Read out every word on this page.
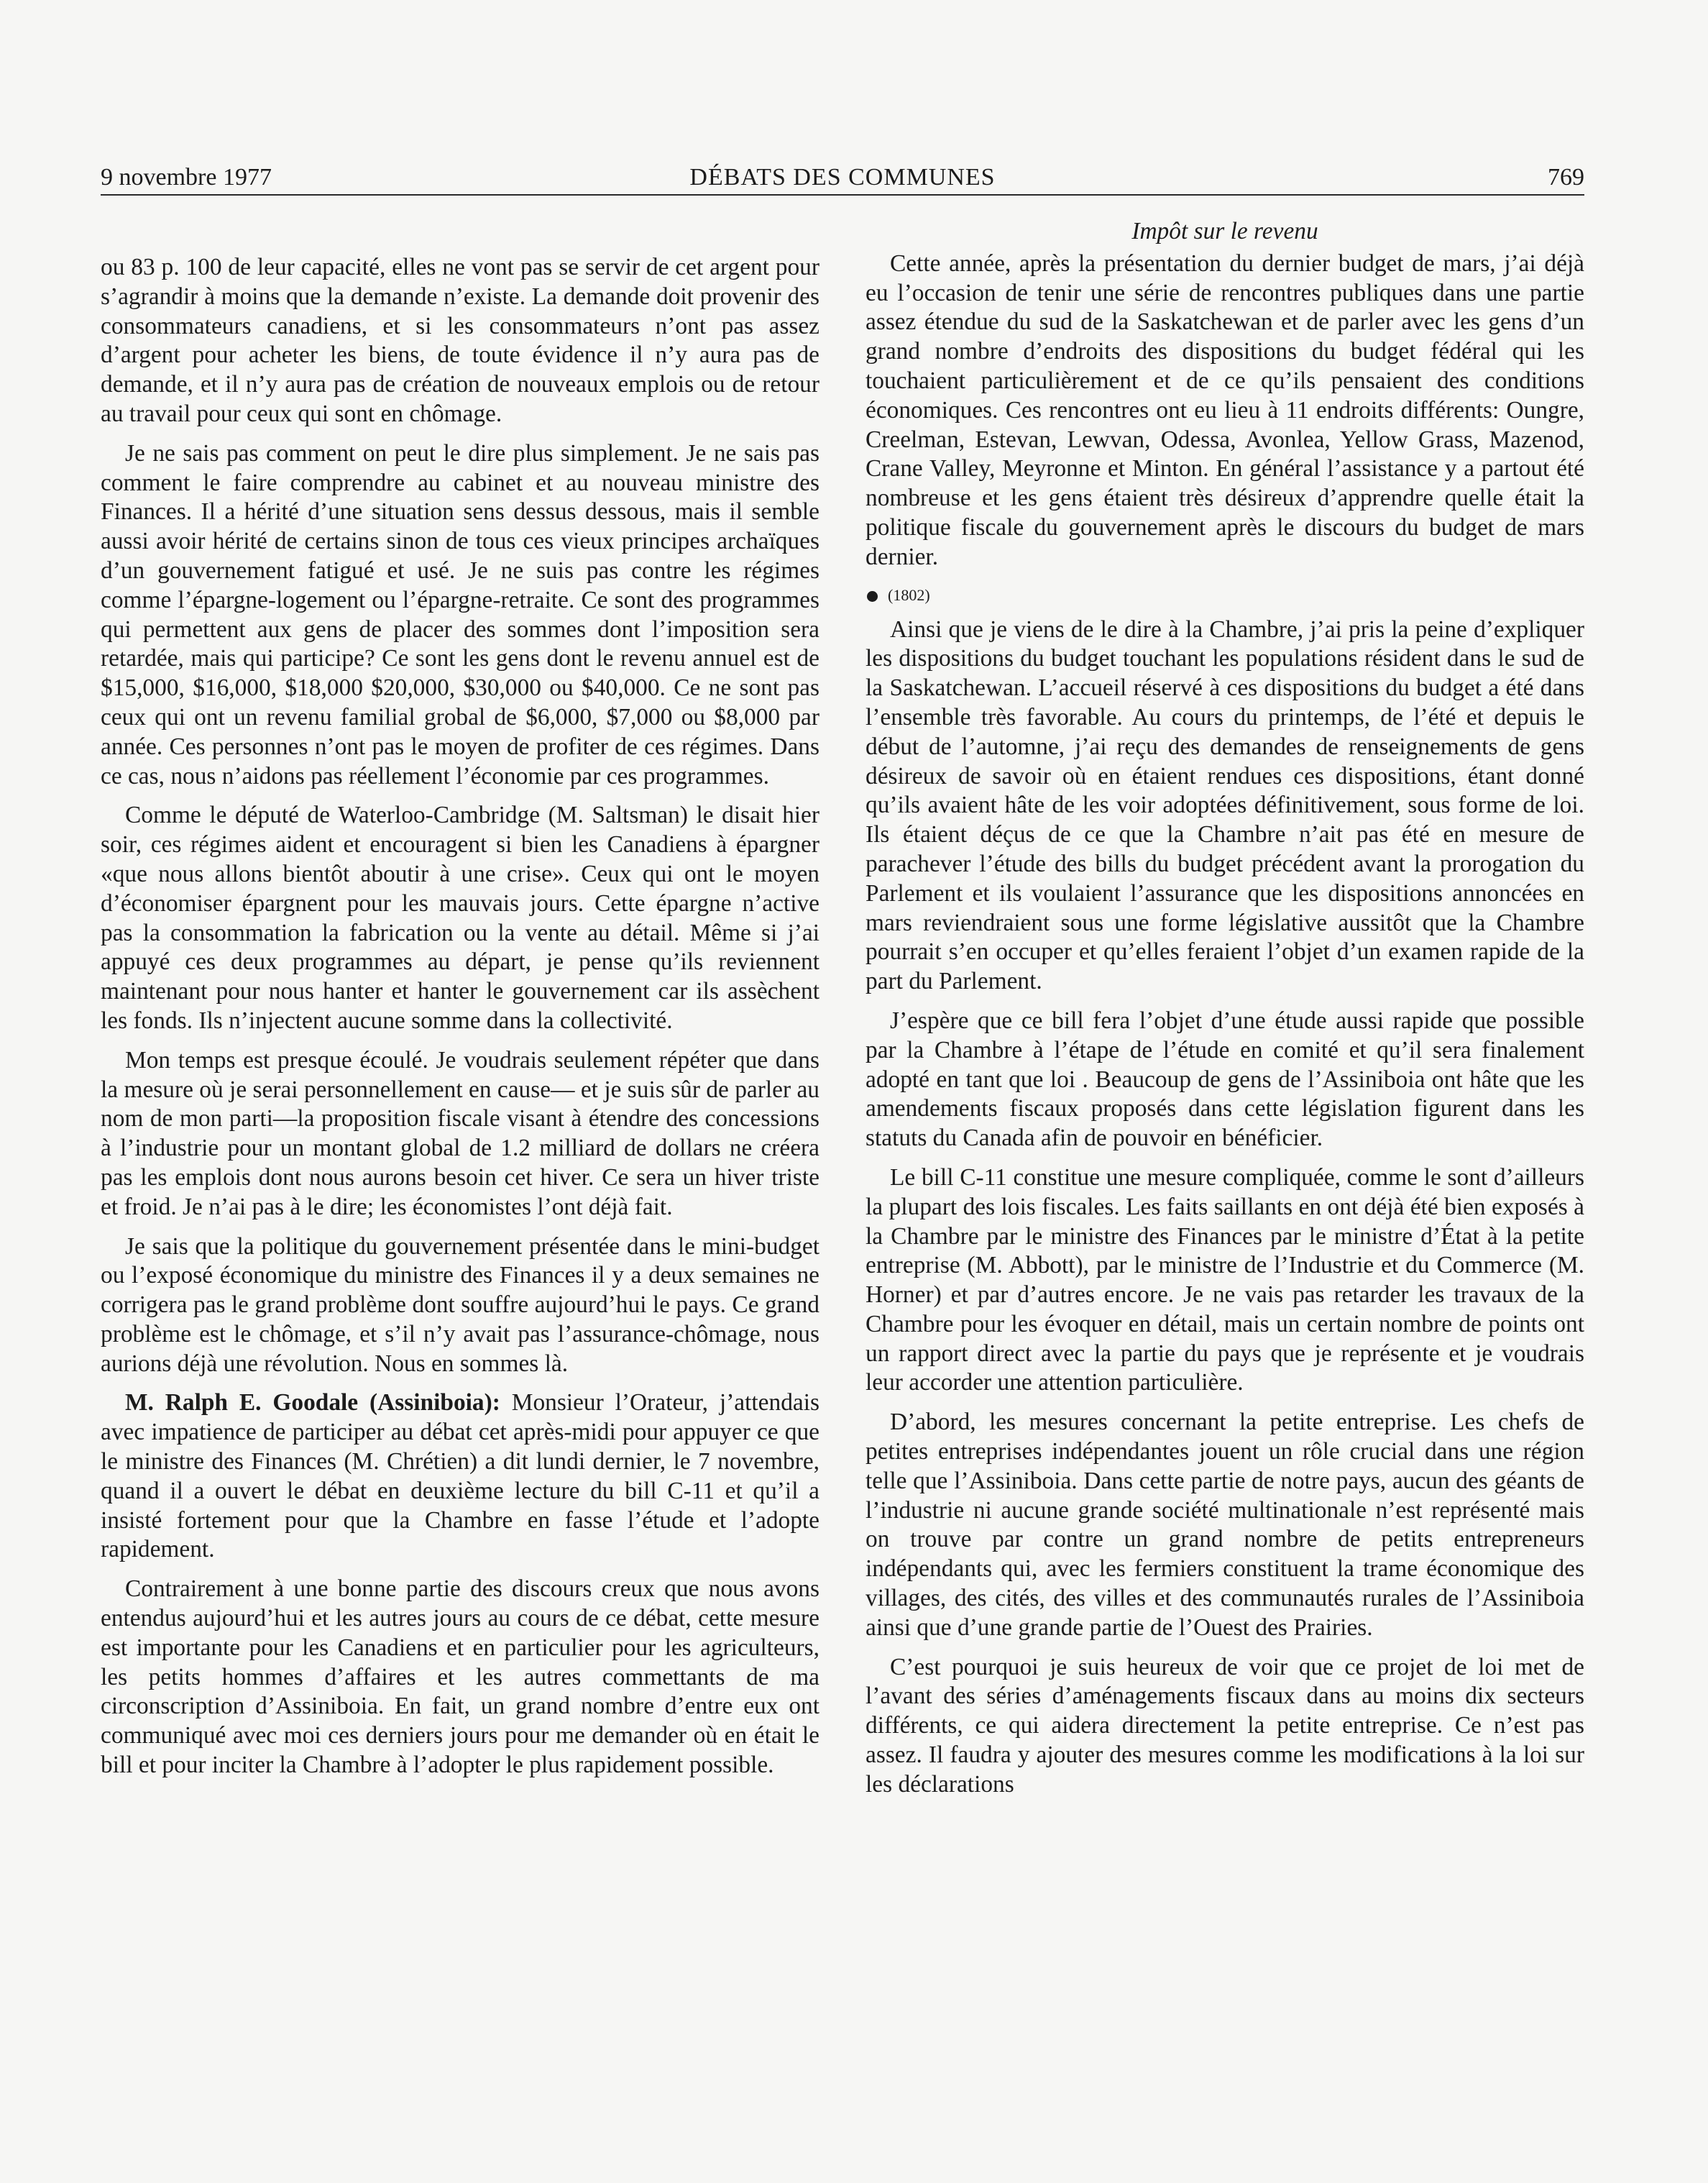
9 novembre 1977	DÉBATS DES COMMUNES	769

ou 83 p. 100 de leur capacité, elles ne vont pas se servir de cet argent pour s’agrandir à moins que la demande n’existe. La demande doit provenir des consommateurs canadiens, et si les consommateurs n’ont pas assez d’argent pour acheter les biens, de toute évidence il n’y aura pas de demande, et il n’y aura pas de création de nouveaux emplois ou de retour au travail pour ceux qui sont en chômage.

Je ne sais pas comment on peut le dire plus simplement. Je ne sais pas comment le faire comprendre au cabinet et au nouveau ministre des Finances. Il a hérité d’une situation sens dessus dessous, mais il semble aussi avoir hérité de certains sinon de tous ces vieux principes archaïques d’un gouvernement fatigué et usé. Je ne suis pas contre les régimes comme l’épargne-logement ou l’épargne-retraite. Ce sont des programmes qui permettent aux gens de placer des sommes dont l’imposition sera retardée, mais qui participe? Ce sont les gens dont le revenu annuel est de $15,000, $16,000, $18,000 $20,000, $30,000 ou $40,000. Ce ne sont pas ceux qui ont un revenu familial grobal de $6,000, $7,000 ou $8,000 par année. Ces personnes n’ont pas le moyen de profiter de ces régimes. Dans ce cas, nous n’aidons pas réellement l’économie par ces programmes.

Comme le député de Waterloo-Cambridge (M. Saltsman) le disait hier soir, ces régimes aident et encouragent si bien les Canadiens à épargner «que nous allons bientôt aboutir à une crise». Ceux qui ont le moyen d’économiser épargnent pour les mauvais jours. Cette épargne n’active pas la consommation la fabrication ou la vente au détail. Même si j’ai appuyé ces deux programmes au départ, je pense qu’ils reviennent maintenant pour nous hanter et hanter le gouvernement car ils assèchent les fonds. Ils n’injectent aucune somme dans la collectivité.

Mon temps est presque écoulé. Je voudrais seulement répéter que dans la mesure où je serai personnellement en cause— et je suis sûr de parler au nom de mon parti—la proposition fiscale visant à étendre des concessions à l’industrie pour un montant global de 1.2 milliard de dollars ne créera pas les emplois dont nous aurons besoin cet hiver. Ce sera un hiver triste et froid. Je n’ai pas à le dire; les économistes l’ont déjà fait.

Je sais que la politique du gouvernement présentée dans le mini-budget ou l’exposé économique du ministre des Finances il y a deux semaines ne corrigera pas le grand problème dont souffre aujourd’hui le pays. Ce grand problème est le chômage, et s’il n’y avait pas l’assurance-chômage, nous aurions déjà une révolution. Nous en sommes là.

M. Ralph E. Goodale (Assiniboia): Monsieur l’Orateur, j’attendais avec impatience de participer au débat cet après-midi pour appuyer ce que le ministre des Finances (M. Chrétien) a dit lundi dernier, le 7 novembre, quand il a ouvert le débat en deuxième lecture du bill C-11 et qu’il a insisté fortement pour que la Chambre en fasse l’étude et l’adopte rapidement.

Contrairement à une bonne partie des discours creux que nous avons entendus aujourd’hui et les autres jours au cours de ce débat, cette mesure est importante pour les Canadiens et en particulier pour les agriculteurs, les petits hommes d’affaires et les autres commettants de ma circonscription d’Assiniboia. En fait, un grand nombre d’entre eux ont communiqué avec moi ces derniers jours pour me demander où en était le bill et pour inciter la Chambre à l’adopter le plus rapidement possible.

Impôt sur le revenu

Cette année, après la présentation du dernier budget de mars, j’ai déjà eu l’occasion de tenir une série de rencontres publiques dans une partie assez étendue du sud de la Saskatchewan et de parler avec les gens d’un grand nombre d’endroits des dispositions du budget fédéral qui les touchaient particulièrement et de ce qu’ils pensaient des conditions économiques. Ces rencontres ont eu lieu à 11 endroits différents: Oungre, Creelman, Estevan, Lewvan, Odessa, Avonlea, Yellow Grass, Mazenod, Crane Valley, Meyronne et Minton. En général l’assistance y a partout été nombreuse et les gens étaient très désireux d’apprendre quelle était la politique fiscale du gouvernement après le discours du budget de mars dernier.

(1802)

Ainsi que je viens de le dire à la Chambre, j’ai pris la peine d’expliquer les dispositions du budget touchant les populations résident dans le sud de la Saskatchewan. L’accueil réservé à ces dispositions du budget a été dans l’ensemble très favorable. Au cours du printemps, de l’été et depuis le début de l’automne, j’ai reçu des demandes de renseignements de gens désireux de savoir où en étaient rendues ces dispositions, étant donné qu’ils avaient hâte de les voir adoptées définitivement, sous forme de loi. Ils étaient déçus de ce que la Chambre n’ait pas été en mesure de parachever l’étude des bills du budget précédent avant la prorogation du Parlement et ils voulaient l’assurance que les dispositions annoncées en mars reviendraient sous une forme législative aussitôt que la Chambre pourrait s’en occuper et qu’elles feraient l’objet d’un examen rapide de la part du Parlement.

J’espère que ce bill fera l’objet d’une étude aussi rapide que possible par la Chambre à l’étape de l’étude en comité et qu’il sera finalement adopté en tant que loi . Beaucoup de gens de l’Assiniboia ont hâte que les amendements fiscaux proposés dans cette législation figurent dans les statuts du Canada afin de pouvoir en bénéficier.

Le bill C-11 constitue une mesure compliquée, comme le sont d’ailleurs la plupart des lois fiscales. Les faits saillants en ont déjà été bien exposés à la Chambre par le ministre des Finances par le ministre d’État à la petite entreprise (M. Abbott), par le ministre de l’Industrie et du Commerce (M. Horner) et par d’autres encore. Je ne vais pas retarder les travaux de la Chambre pour les évoquer en détail, mais un certain nombre de points ont un rapport direct avec la partie du pays que je représente et je voudrais leur accorder une attention particulière.

D’abord, les mesures concernant la petite entreprise. Les chefs de petites entreprises indépendantes jouent un rôle crucial dans une région telle que l’Assiniboia. Dans cette partie de notre pays, aucun des géants de l’industrie ni aucune grande société multinationale n’est représenté mais on trouve par contre un grand nombre de petits entrepreneurs indépendants qui, avec les fermiers constituent la trame économique des villages, des cités, des villes et des communautés rurales de l’Assiniboia ainsi que d’une grande partie de l’Ouest des Prairies.

C’est pourquoi je suis heureux de voir que ce projet de loi met de l’avant des séries d’aménagements fiscaux dans au moins dix secteurs différents, ce qui aidera directement la petite entreprise. Ce n’est pas assez. Il faudra y ajouter des mesures comme les modifications à la loi sur les déclarations
